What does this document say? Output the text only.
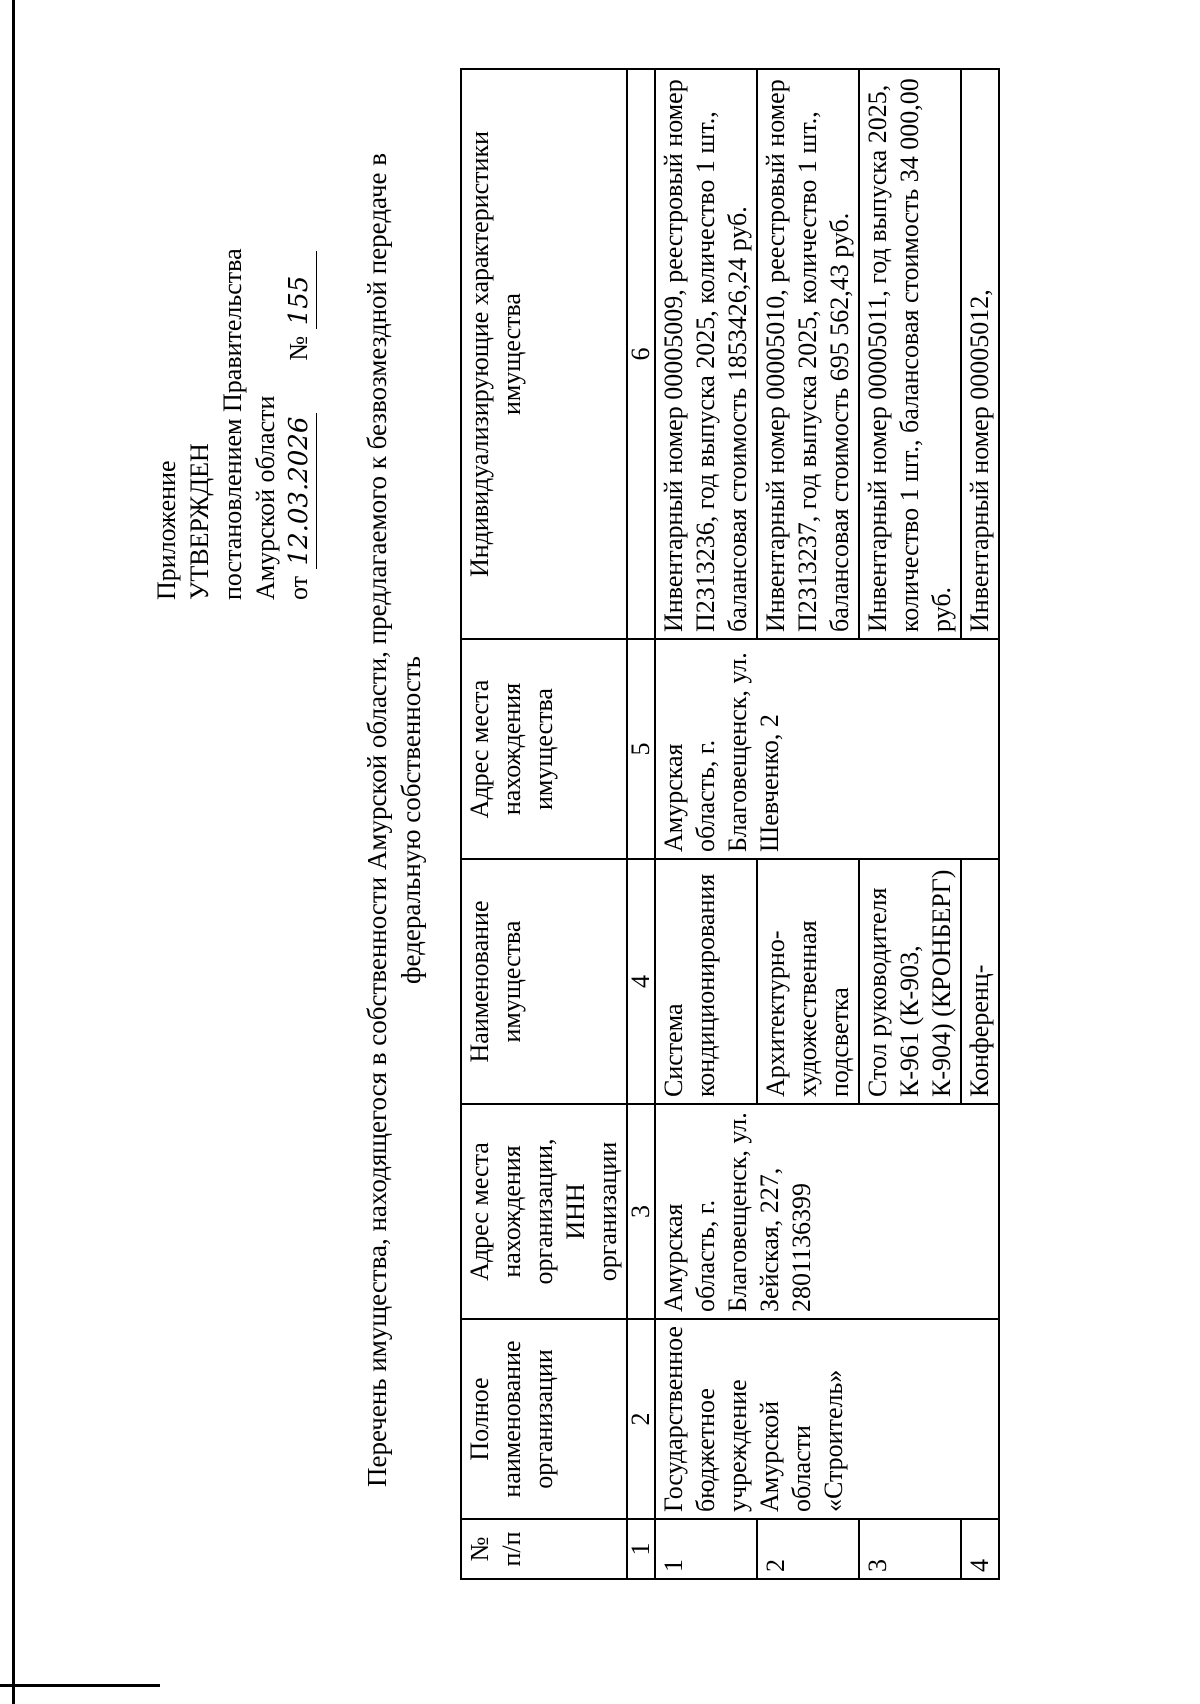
Приложение УТВЕРЖДЕН постановлением Правительства Амурской области от 12.03.2026        № 155 Перечень имущества, находящегося в собственности Амурской области, предлагаемого к безвозмездной передаче в федеральную собственность
№ п/п	Полное наименование организации	Адрес места нахождения организации, ИНН организации	Наименование имущества	Адрес места нахождения имущества	Индивидуализирующие характеристики имущества
1	2	3	4	5	6
1	Государственное бюджетное учреждение Амурской области «Строитель»	Амурская область, г. Благовещенск, ул. Зейская, 227, 2801136399	Система кондиционирования	Амурская область, г. Благовещенск, ул. Шевченко, 2	Инвентарный номер 00005009, реестровый номер П2313236, год выпуска 2025, количество 1 шт., балансовая стоимость 1853426,24 руб.
2			Архитектурно-художественная подсветка		Инвентарный номер 00005010, реестровый номер П2313237, год выпуска 2025, количество 1 шт., балансовая стоимость 695 562,43 руб.
3			Стол руководителя К-961 (К-903, К-904) (КРОНБЕРГ)		Инвентарный номер 00005011, год выпуска 2025, количество 1 шт., балансовая стоимость 34 000,00 руб.
4			Конференц-		Инвентарный номер 00005012,
